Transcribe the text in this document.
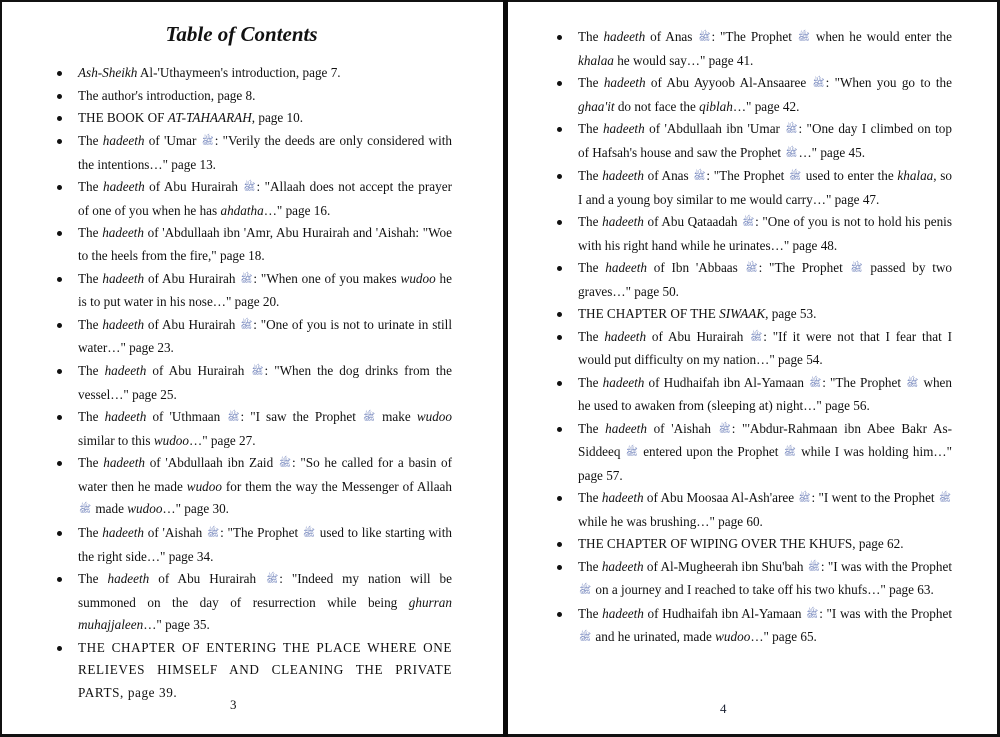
Table of Contents
Ash-Sheikh Al-'Uthaymeen's introduction, page 7.
The author's introduction, page 8.
THE BOOK OF AT-TAHAARAH, page 10.
The hadeeth of 'Umar ﷺ: "Verily the deeds are only considered with the intentions…" page 13.
The hadeeth of Abu Hurairah ﷺ: "Allaah does not accept the prayer of one of you when he has ahdatha…" page 16.
The hadeeth of 'Abdullaah ibn 'Amr, Abu Hurairah and 'Aishah: "Woe to the heels from the fire," page 18.
The hadeeth of Abu Hurairah ﷺ: "When one of you makes wudoo he is to put water in his nose…" page 20.
The hadeeth of Abu Hurairah ﷺ: "One of you is not to urinate in still water…" page 23.
The hadeeth of Abu Hurairah ﷺ: "When the dog drinks from the vessel…" page 25.
The hadeeth of 'Uthmaan ﷺ: "I saw the Prophet ﷺ make wudoo similar to this wudoo…" page 27.
The hadeeth of 'Abdullaah ibn Zaid ﷺ: "So he called for a basin of water then he made wudoo for them the way the Messenger of Allaah ﷺ made wudoo…" page 30.
The hadeeth of 'Aishah ﷺ: "The Prophet ﷺ used to like starting with the right side…" page 34.
The hadeeth of Abu Hurairah ﷺ: "Indeed my nation will be summoned on the day of resurrection while being ghurran muhajjaleen…" page 35.
THE CHAPTER OF ENTERING THE PLACE WHERE ONE RELIEVES HIMSELF AND CLEANING THE PRIVATE PARTS, page 39.
3
The hadeeth of Anas ﷺ: "The Prophet ﷺ when he would enter the khalaa he would say…" page 41.
The hadeeth of Abu Ayyoob Al-Ansaaree ﷺ: "When you go to the ghaa'it do not face the qiblah…" page 42.
The hadeeth of 'Abdullaah ibn 'Umar ﷺ: "One day I climbed on top of Hafsah's house and saw the Prophet ﷺ…" page 45.
The hadeeth of Anas ﷺ: "The Prophet ﷺ used to enter the khalaa, so I and a young boy similar to me would carry…" page 47.
The hadeeth of Abu Qataadah ﷺ: "One of you is not to hold his penis with his right hand while he urinates…" page 48.
The hadeeth of Ibn 'Abbaas ﷺ: "The Prophet ﷺ passed by two graves…" page 50.
THE CHAPTER OF THE SIWAAK, page 53.
The hadeeth of Abu Hurairah ﷺ: "If it were not that I fear that I would put difficulty on my nation…" page 54.
The hadeeth of Hudhaifah ibn Al-Yamaan ﷺ: "The Prophet ﷺ when he used to awaken from (sleeping at) night…" page 56.
The hadeeth of 'Aishah ﷺ: "'Abdur-Rahmaan ibn Abee Bakr As-Siddeeq ﷺ entered upon the Prophet ﷺ while I was holding him…" page 57.
The hadeeth of Abu Moosaa Al-Ash'aree ﷺ: "I went to the Prophet ﷺ while he was brushing…" page 60.
THE CHAPTER OF WIPING OVER THE KHUFS, page 62.
The hadeeth of Al-Mugheerah ibn Shu'bah ﷺ: "I was with the Prophet ﷺ on a journey and I reached to take off his two khufs…" page 63.
The hadeeth of Hudhaifah ibn Al-Yamaan ﷺ: "I was with the Prophet ﷺ and he urinated, made wudoo…" page 65.
4
